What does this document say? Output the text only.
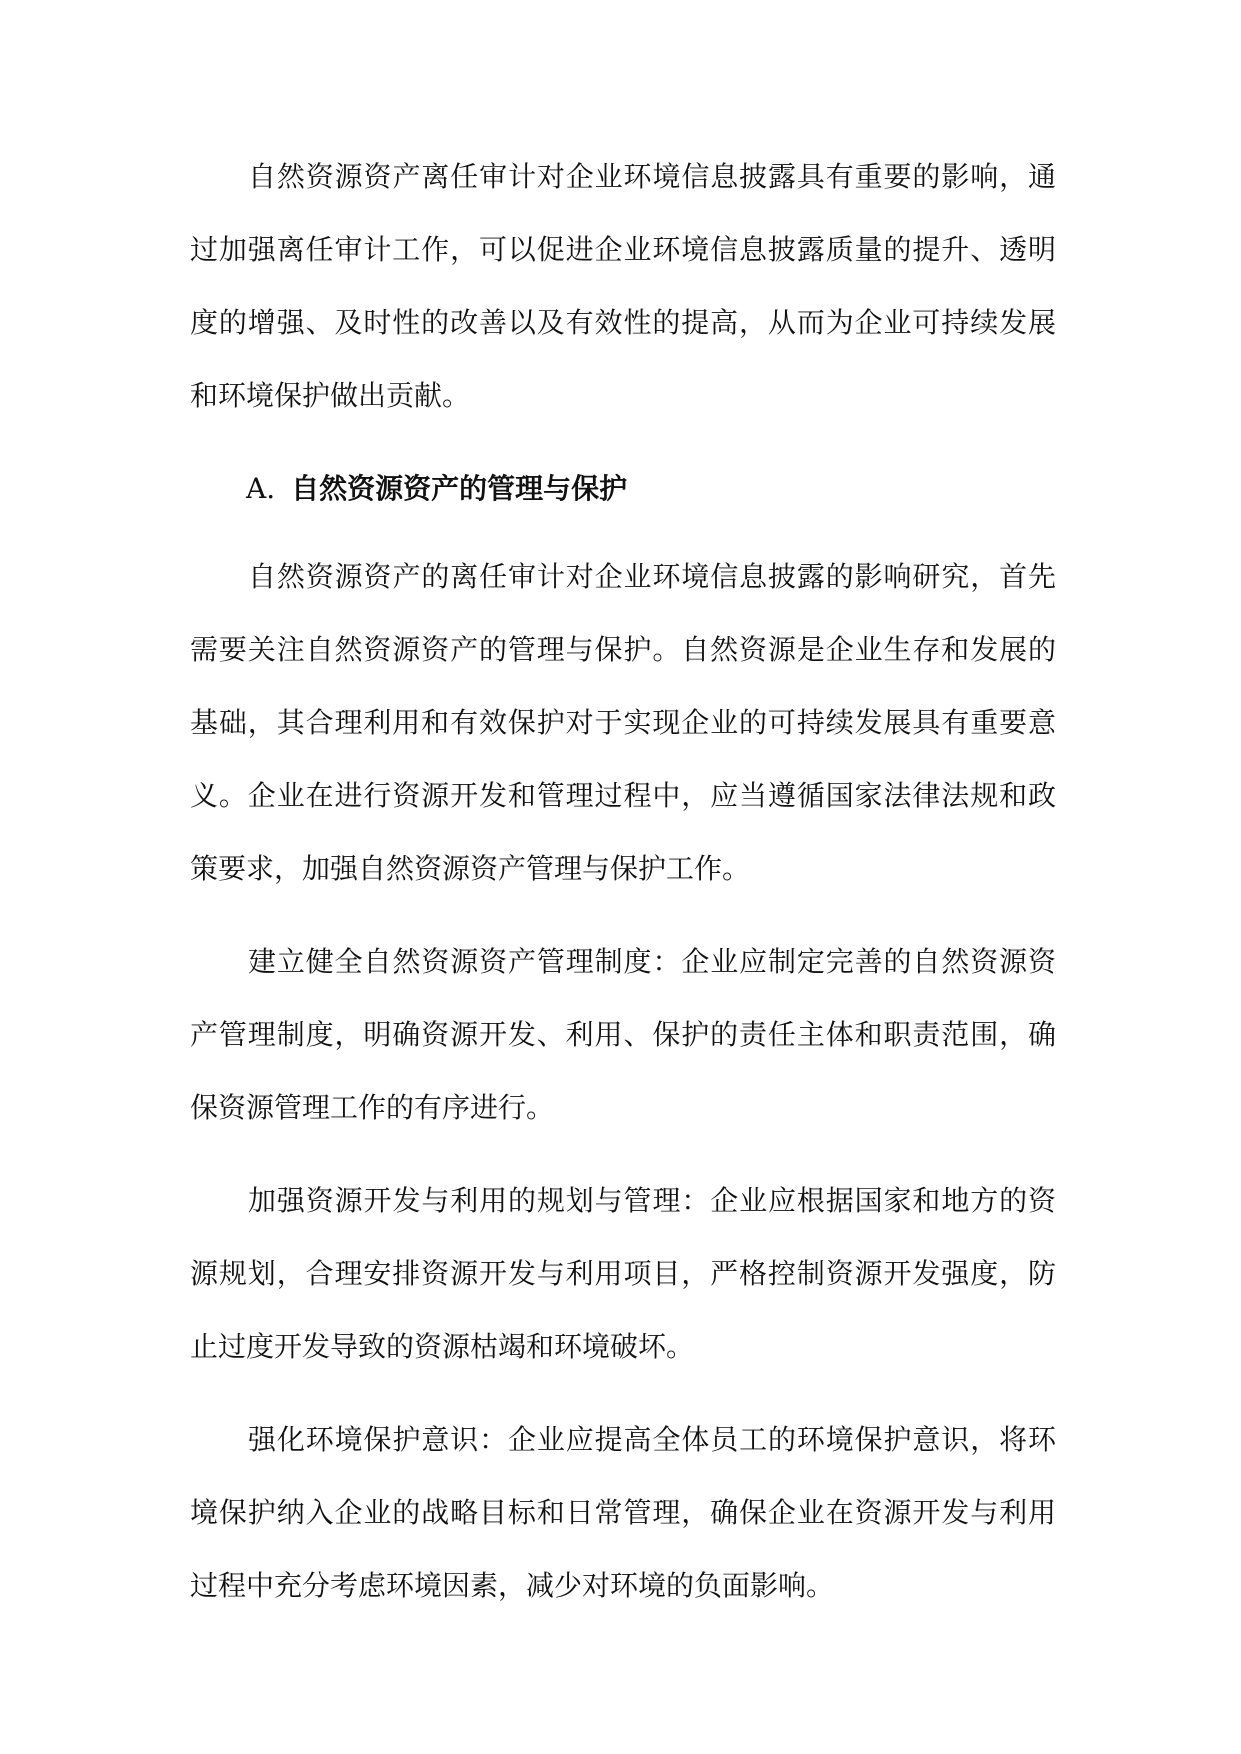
自然资源资产离任审计对企业环境信息披露具有重要的影响，通过加强离任审计工作，可以促进企业环境信息披露质量的提升、透明度的增强、及时性的改善以及有效性的提高，从而为企业可持续发展和环境保护做出贡献。

A. 自然资源资产的管理与保护

自然资源资产的离任审计对企业环境信息披露的影响研究，首先需要关注自然资源资产的管理与保护。自然资源是企业生存和发展的基础，其合理利用和有效保护对于实现企业的可持续发展具有重要意义。企业在进行资源开发和管理过程中，应当遵循国家法律法规和政策要求，加强自然资源资产管理与保护工作。

建立健全自然资源资产管理制度：企业应制定完善的自然资源资产管理制度，明确资源开发、利用、保护的责任主体和职责范围，确保资源管理工作的有序进行。

加强资源开发与利用的规划与管理：企业应根据国家和地方的资源规划，合理安排资源开发与利用项目，严格控制资源开发强度，防止过度开发导致的资源枯竭和环境破坏。

强化环境保护意识：企业应提高全体员工的环境保护意识，将环境保护纳入企业的战略目标和日常管理，确保企业在资源开发与利用过程中充分考虑环境因素，减少对环境的负面影响。
